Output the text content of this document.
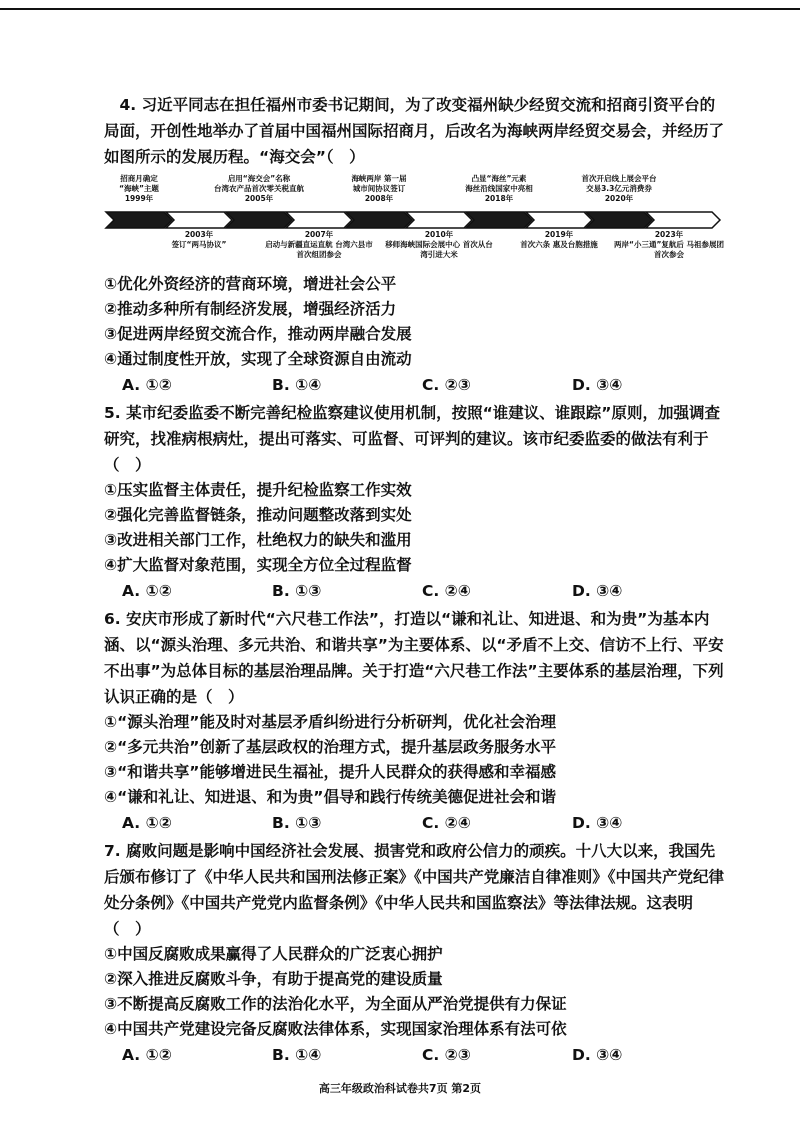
4. 习近平同志在担任福州市委书记期间，为了改变福州缺少经贸交流和招商引资平台的局面，开创性地举办了首届中国福州国际招商月，后改名为海峡两岸经贸交易会，并经历了如图所示的发展历程。“海交会”（　）

招商月确定
“海峡”主题
1999年
启用“海交会”名称
台湾农产品首次零关税直航
2005年
海峡两岸 第一届
城市间协议签订
2008年
凸显“海丝”元素
海丝沿线国家中亮相
2018年
首次开启线上展会平台
交易3.3亿元消费券
2020年
2003年
签订“两马协议”
2007年
启动与新疆直运直航 台湾六县市首次组团参会
2010年
移师海峡国际会展中心 首次从台湾引进大米
2019年
首次六条 惠及台胞措施
2023年
两岸“小三通”复航后 马祖参展团首次参会

①优化外资经济的营商环境，增进社会公平

②推动多种所有制经济发展，增强经济活力

③促进两岸经贸交流合作，推动两岸融合发展

④通过制度性开放，实现了全球资源自由流动

A. ①②	B. ①④	C. ②③	D. ③④

5. 某市纪委监委不断完善纪检监察建议使用机制，按照“谁建议、谁跟踪”原则，加强调查研究，找准病根病灶，提出可落实、可监督、可评判的建议。该市纪委监委的做法有利于（　）

①压实监督主体责任，提升纪检监察工作实效

②强化完善监督链条，推动问题整改落到实处

③改进相关部门工作，杜绝权力的缺失和滥用

④扩大监督对象范围，实现全方位全过程监督

A. ①②	B. ①③	C. ②④	D. ③④

6. 安庆市形成了新时代“六尺巷工作法”，打造以“谦和礼让、知进退、和为贵”为基本内涵、以“源头治理、多元共治、和谐共享”为主要体系、以“矛盾不上交、信访不上行、平安不出事”为总体目标的基层治理品牌。关于打造“六尺巷工作法”主要体系的基层治理，下列认识正确的是（　）

①“源头治理”能及时对基层矛盾纠纷进行分析研判，优化社会治理

②“多元共治”创新了基层政权的治理方式，提升基层政务服务水平

③“和谐共享”能够增进民生福祉，提升人民群众的获得感和幸福感

④“谦和礼让、知进退、和为贵”倡导和践行传统美德促进社会和谐

A. ①②	B. ①③	C. ②④	D. ③④

7. 腐败问题是影响中国经济社会发展、损害党和政府公信力的顽疾。十八大以来，我国先后颁布修订了《中华人民共和国刑法修正案》《中国共产党廉洁自律准则》《中国共产党纪律处分条例》《中国共产党党内监督条例》《中华人民共和国监察法》等法律法规。这表明（　）

①中国反腐败成果赢得了人民群众的广泛衷心拥护

②深入推进反腐败斗争，有助于提高党的建设质量

③不断提高反腐败工作的法治化水平，为全面从严治党提供有力保证

④中国共产党建设完备反腐败法律体系，实现国家治理体系有法可依

A. ①②	B. ①④	C. ②③	D. ③④
高三年级政治科试卷共7页 第2页
